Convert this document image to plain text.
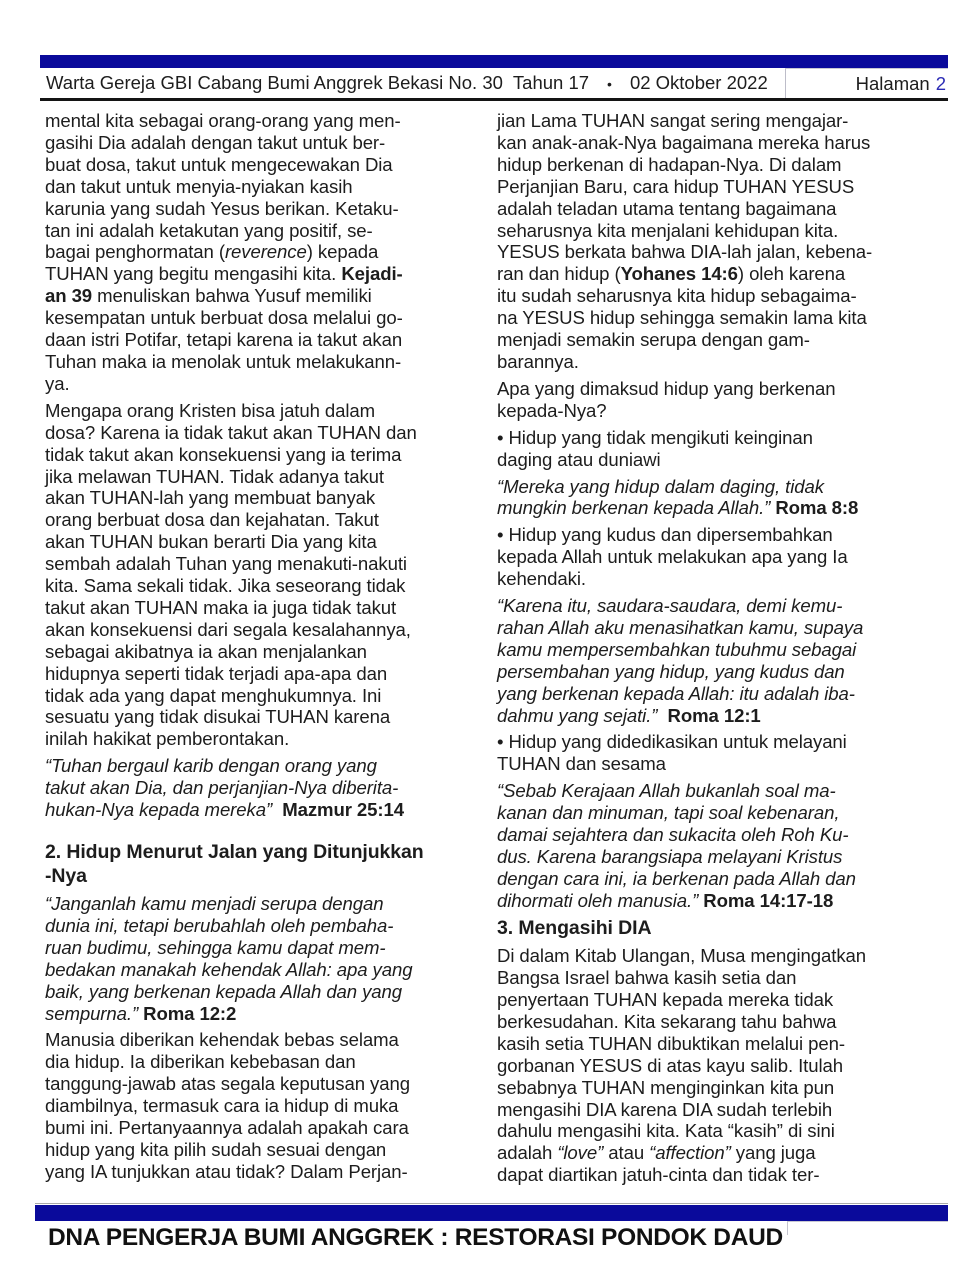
Warta Gereja GBI Cabang Bumi Anggrek Bekasi No. 30 Tahun 17 • 02 Oktober 2022	Halaman 2
mental kita sebagai orang-orang yang men-
gasihi Dia adalah dengan takut untuk ber-
buat dosa, takut untuk mengecewakan Dia
dan takut untuk menyia-nyiakan kasih
karunia yang sudah Yesus berikan. Ketaku-
tan ini adalah ketakutan yang positif, se-
bagai penghormatan (reverence) kepada
TUHAN yang begitu mengasihi kita. Kejadi-
an 39 menuliskan bahwa Yusuf memiliki
kesempatan untuk berbuat dosa melalui go-
daan istri Potifar, tetapi karena ia takut akan
Tuhan maka ia menolak untuk melakukann-
ya.
Mengapa orang Kristen bisa jatuh dalam
dosa? Karena ia tidak takut akan TUHAN dan
tidak takut akan konsekuensi yang ia terima
jika melawan TUHAN. Tidak adanya takut
akan TUHAN-lah yang membuat banyak
orang berbuat dosa dan kejahatan. Takut
akan TUHAN bukan berarti Dia yang kita
sembah adalah Tuhan yang menakuti-nakuti
kita. Sama sekali tidak. Jika seseorang tidak
takut akan TUHAN maka ia juga tidak takut
akan konsekuensi dari segala kesalahannya,
sebagai akibatnya ia akan menjalankan
hidupnya seperti tidak terjadi apa-apa dan
tidak ada yang dapat menghukumnya. Ini
sesuatu yang tidak disukai TUHAN karena
inilah hakikat pemberontakan.
“Tuhan bergaul karib dengan orang yang
takut akan Dia, dan perjanjian-Nya diberita-
hukan-Nya kepada mereka” Mazmur 25:14
2. Hidup Menurut Jalan yang Ditunjukkan
-Nya
“Janganlah kamu menjadi serupa dengan
dunia ini, tetapi berubahlah oleh pembaha-
ruan budimu, sehingga kamu dapat mem-
bedakan manakah kehendak Allah: apa yang
baik, yang berkenan kepada Allah dan yang
sempurna.” Roma 12:2
Manusia diberikan kehendak bebas selama
dia hidup. Ia diberikan kebebasan dan
tanggung-jawab atas segala keputusan yang
diambilnya, termasuk cara ia hidup di muka
bumi ini. Pertanyaannya adalah apakah cara
hidup yang kita pilih sudah sesuai dengan
yang IA tunjukkan atau tidak? Dalam Perjan-
jian Lama TUHAN sangat sering mengajar-
kan anak-anak-Nya bagaimana mereka harus
hidup berkenan di hadapan-Nya. Di dalam
Perjanjian Baru, cara hidup TUHAN YESUS
adalah teladan utama tentang bagaimana
seharusnya kita menjalani kehidupan kita.
YESUS berkata bahwa DIA-lah jalan, kebena-
ran dan hidup (Yohanes 14:6) oleh karena
itu sudah seharusnya kita hidup sebagaima-
na YESUS hidup sehingga semakin lama kita
menjadi semakin serupa dengan gam-
barannya.
Apa yang dimaksud hidup yang berkenan
kepada-Nya?
• Hidup yang tidak mengikuti keinginan
daging atau duniawi
“Mereka yang hidup dalam daging, tidak
mungkin berkenan kepada Allah.” Roma 8:8
• Hidup yang kudus dan dipersembahkan
kepada Allah untuk melakukan apa yang Ia
kehendaki.
“Karena itu, saudara-saudara, demi kemu-
rahan Allah aku menasihatkan kamu, supaya
kamu mempersembahkan tubuhmu sebagai
persembahan yang hidup, yang kudus dan
yang berkenan kepada Allah: itu adalah iba-
dahmu yang sejati.” Roma 12:1
• Hidup yang didedikasikan untuk melayani
TUHAN dan sesama
“Sebab Kerajaan Allah bukanlah soal ma-
kanan dan minuman, tapi soal kebenaran,
damai sejahtera dan sukacita oleh Roh Ku-
dus. Karena barangsiapa melayani Kristus
dengan cara ini, ia berkenan pada Allah dan
dihormati oleh manusia.” Roma 14:17-18
3. Mengasihi DIA
Di dalam Kitab Ulangan, Musa mengingatkan
Bangsa Israel bahwa kasih setia dan
penyertaan TUHAN kepada mereka tidak
berkesudahan. Kita sekarang tahu bahwa
kasih setia TUHAN dibuktikan melalui pen-
gorbanan YESUS di atas kayu salib. Itulah
sebabnya TUHAN menginginkan kita pun
mengasihi DIA karena DIA sudah terlebih
dahulu mengasihi kita. Kata “kasih” di sini
adalah “love” atau “affection” yang juga
dapat diartikan jatuh-cinta dan tidak ter-
DNA PENGERJA BUMI ANGGREK : RESTORASI PONDOK DAUD
